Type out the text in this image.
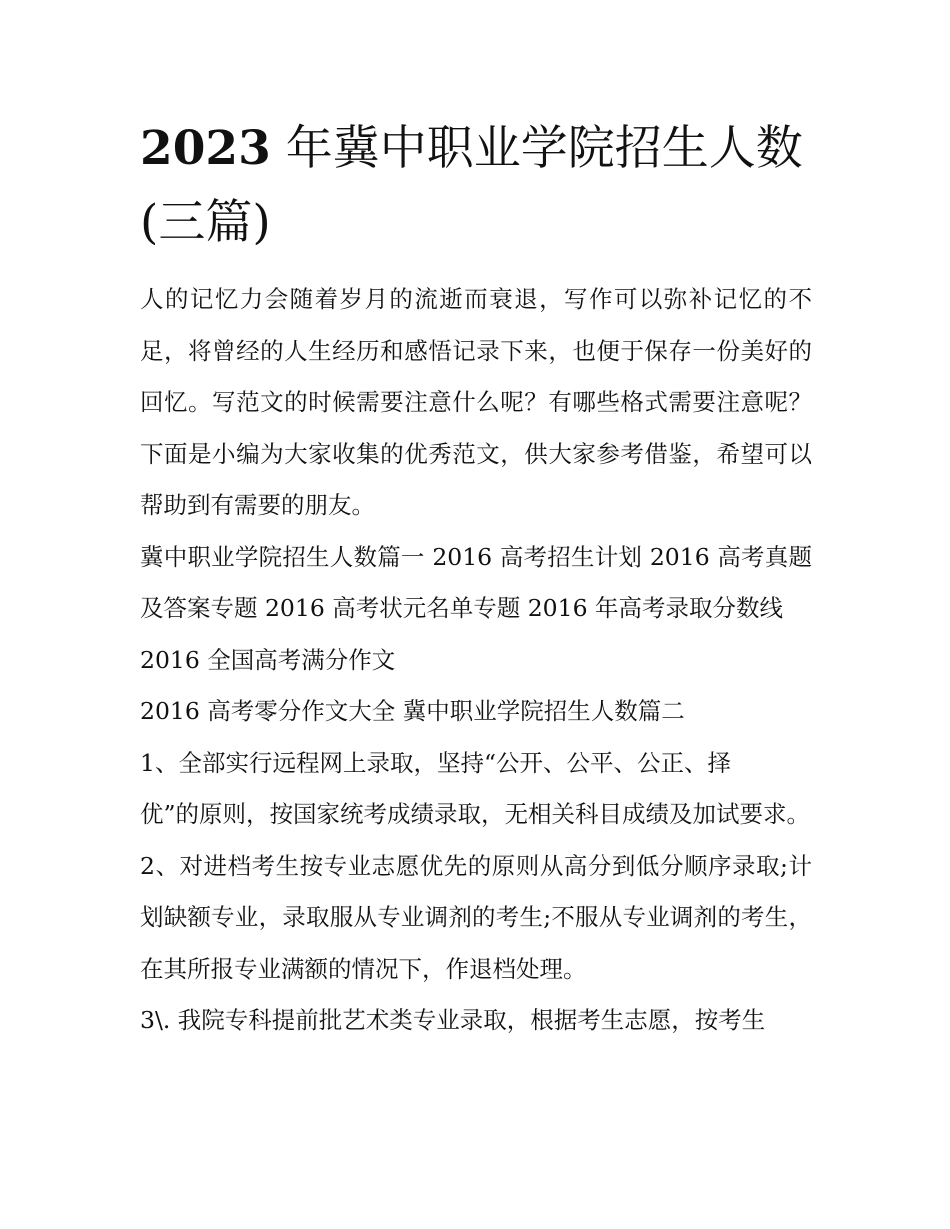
2023 年冀中职业学院招生人数
(三篇)

人的记忆力会随着岁月的流逝而衰退，写作可以弥补记忆的不足，将曾经的人生经历和感悟记录下来，也便于保存一份美好的回忆。写范文的时候需要注意什么呢？有哪些格式需要注意呢？下面是小编为大家收集的优秀范文，供大家参考借鉴，希望可以帮助到有需要的朋友。

冀中职业学院招生人数篇一 2016 高考招生计划 2016 高考真题及答案专题 2016 高考状元名单专题 2016 年高考录取分数线

2016 全国高考满分作文

2016 高考零分作文大全 冀中职业学院招生人数篇二

1、全部实行远程网上录取，坚持“公开、公平、公正、择

优”的原则，按国家统考成绩录取，无相关科目成绩及加试要求。

2、对进档考生按专业志愿优先的原则从高分到低分顺序录取;计划缺额专业，录取服从专业调剂的考生;不服从专业调剂的考生，在其所报专业满额的情况下，作退档处理。

3\. 我院专科提前批艺术类专业录取，根据考生志愿，按考生
